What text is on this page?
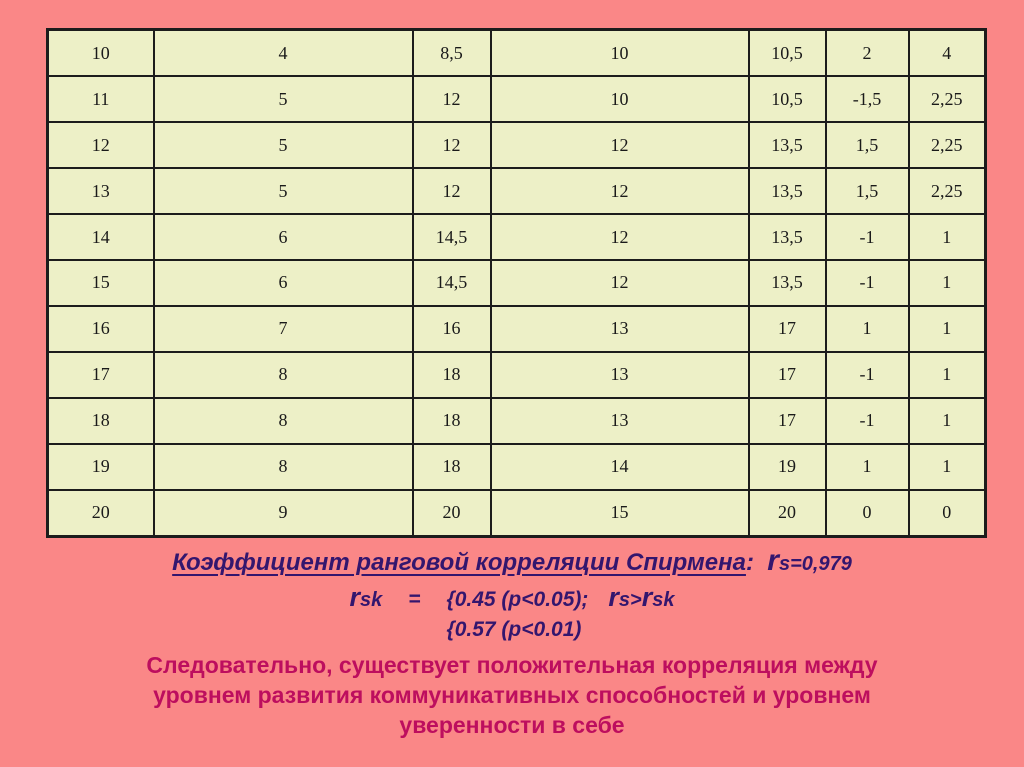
10	4	8,5	10	10,5	2	4
11	5	12	10	10,5	-1,5	2,25
12	5	12	12	13,5	1,5	2,25
13	5	12	12	13,5	1,5	2,25
14	6	14,5	12	13,5	-1	1
15	6	14,5	12	13,5	-1	1
16	7	16	13	17	1	1
17	8	18	13	17	-1	1
18	8	18	13	17	-1	1
19	8	18	14	19	1	1
20	9	20	15	20	0	0
Коэффициент ранговой корреляции Спирмена: rs=0,979
rsk = {0.45 (p<0.05); rs>rsk
{0.57 (p<0.01)
Следовательно, существует положительная корреляция между
уровнем развития коммуникативных способностей и уровнем
уверенности в себе
